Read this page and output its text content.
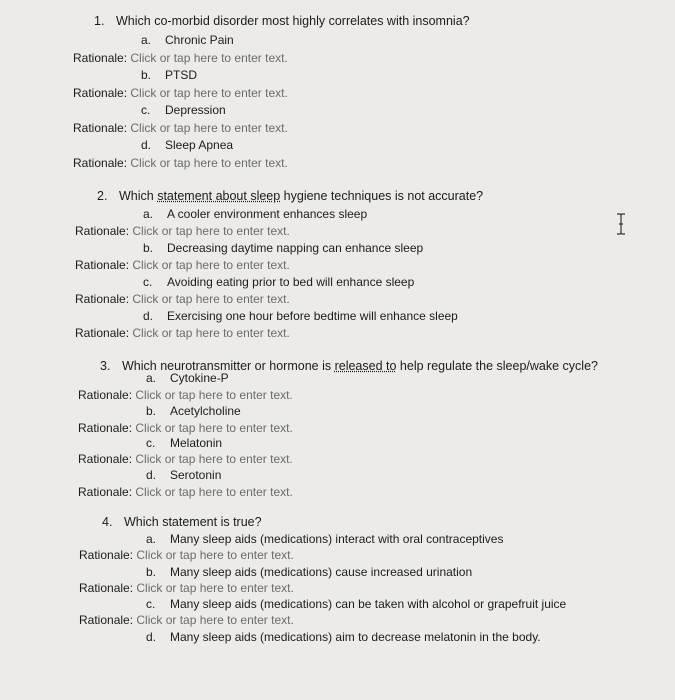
1. Which co-morbid disorder most highly correlates with insomnia?
a. Chronic Pain
Rationale: Click or tap here to enter text.
b. PTSD
Rationale: Click or tap here to enter text.
c. Depression
Rationale: Click or tap here to enter text.
d. Sleep Apnea
Rationale: Click or tap here to enter text.
2. Which statement about sleep hygiene techniques is not accurate?
a. A cooler environment enhances sleep
Rationale: Click or tap here to enter text.
b. Decreasing daytime napping can enhance sleep
Rationale: Click or tap here to enter text.
c. Avoiding eating prior to bed will enhance sleep
Rationale: Click or tap here to enter text.
d. Exercising one hour before bedtime will enhance sleep
Rationale: Click or tap here to enter text.
3. Which neurotransmitter or hormone is released to help regulate the sleep/wake cycle?
a. Cytokine-P
Rationale: Click or tap here to enter text.
b. Acetylcholine
Rationale: Click or tap here to enter text.
c. Melatonin
Rationale: Click or tap here to enter text.
d. Serotonin
Rationale: Click or tap here to enter text.
4. Which statement is true?
a. Many sleep aids (medications) interact with oral contraceptives
Rationale: Click or tap here to enter text.
b. Many sleep aids (medications) cause increased urination
Rationale: Click or tap here to enter text.
c. Many sleep aids (medications) can be taken with alcohol or grapefruit juice
Rationale: Click or tap here to enter text.
d. Many sleep aids (medications) aim to decrease melatonin in the body.
